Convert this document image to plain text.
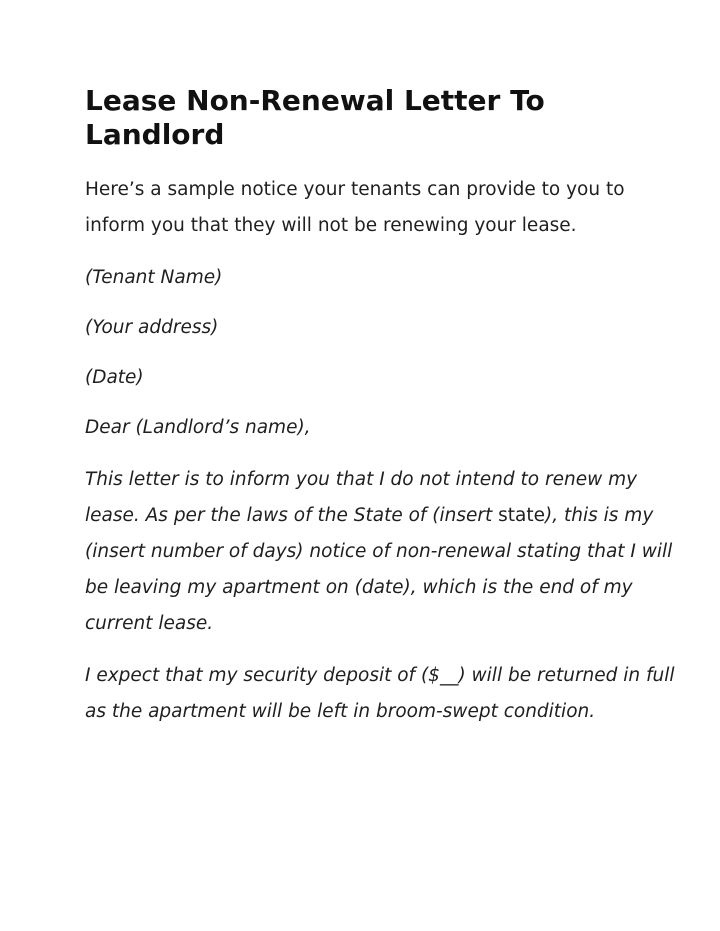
Lease Non-Renewal Letter To Landlord

Here’s a sample notice your tenants can provide to you to inform you that they will not be renewing your lease.

(Tenant Name)

(Your address)

(Date)

Dear (Landlord’s name),

This letter is to inform you that I do not intend to renew my lease. As per the laws of the State of (insert state), this is my (insert number of days) notice of non-renewal stating that I will be leaving my apartment on (date), which is the end of my current lease.

I expect that my security deposit of ($__) will be returned in full as the apartment will be left in broom-swept condition.
